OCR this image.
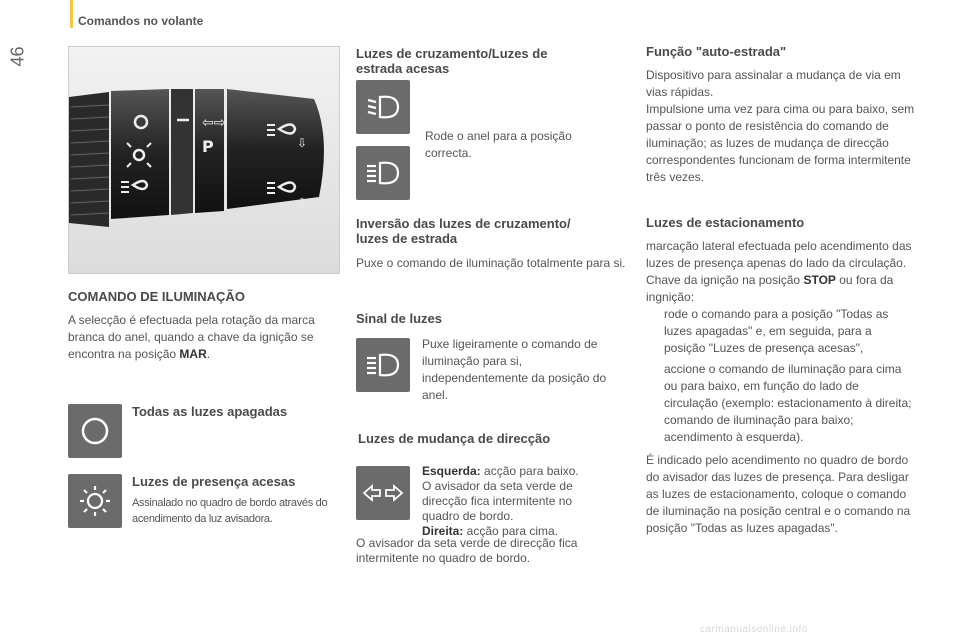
Comandos no volante
46
⇦⇨
P	⇩
⇩
COMANDO DE ILUMINAÇÃO

A selecção é efectuada pela rotação da marca branca do anel, quando a chave da ignição se encontra na posição MAR.

Todas as luzes apagadas
Luzes de presença acesas

Assinalado no quadro de bordo através do acendimento da luz avisadora.

Luzes de cruzamento/Luzes de
estrada acesas

Rode o anel para a posição

correcta.

Inversão das luzes de cruzamento/
luzes de estrada

Puxe o comando de iluminação totalmente para si.

Sinal de luzes

Puxe ligeiramente o comando de iluminação para si, independentemente da posição do anel.

Luzes de mudança de direcção

Esquerda: acção para baixo.

O avisador da seta verde de direcção fica intermitente no quadro de bordo.

Direita: acção para cima.

O avisador da seta verde de direcção fica intermitente no quadro de bordo.

Função "auto-estrada"

Dispositivo para assinalar a mudança de via em vias rápidas.

Impulsione uma vez para cima ou para baixo, sem passar o ponto de resistência do comando de iluminação; as luzes de mudança de direcção correspondentes funcionam de forma intermitente três vezes.

Luzes de estacionamento

marcação lateral efectuada pelo acendimento das luzes de presença apenas do lado da circulação.

Chave da ignição na posição STOP ou fora da ingnição:

rode o comando para a posição "Todas as luzes apagadas" e, em seguida, para a posição "Luzes de presença acesas",

accione o comando de iluminação para cima ou para baixo, em função do lado de circulação (exemplo: estacionamento à direita; comando de iluminação para baixo; acendimento à esquerda).

É indicado pelo acendimento no quadro de bordo do avisador das luzes de presença. Para desligar as luzes de estacionamento, coloque o comando de iluminação na posição central e o comando na posição "Todas as luzes apagadas".

carmanualsonline.info
